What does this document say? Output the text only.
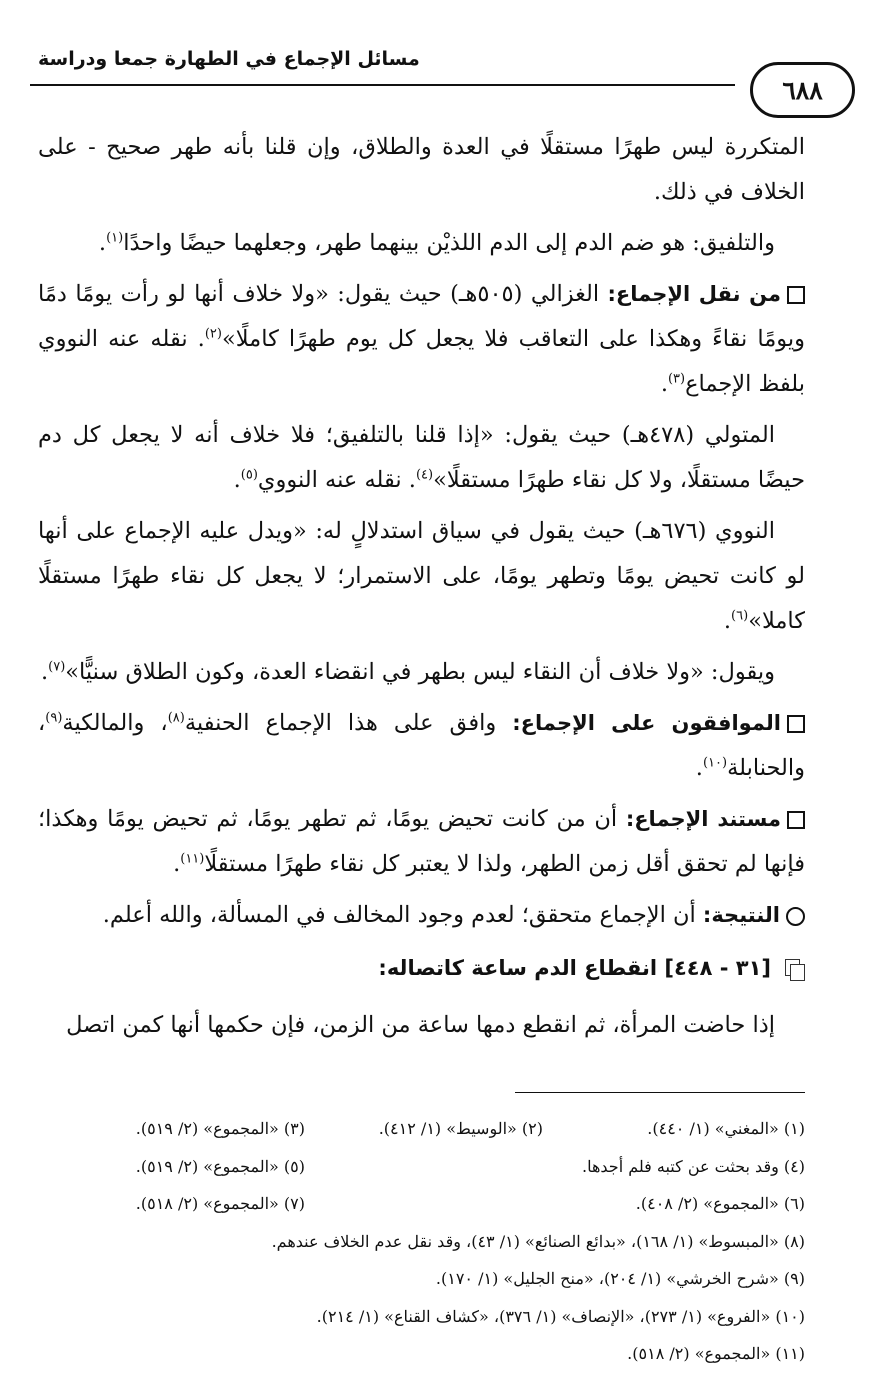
مسائل الإجماع في الطهارة جمعا ودراسة
٦٨٨

المتكررة ليس طهرًا مستقلًا في العدة والطلاق، وإن قلنا بأنه طهر صحيح - على الخلاف في ذلك.

والتلفيق: هو ضم الدم إلى الدم اللذيْن بينهما طهر، وجعلهما حيضًا واحدًا$^{(١)}$.

من نقل الإجماع: الغزالي (٥٠٥هـ) حيث يقول: «ولا خلاف أنها لو رأت يومًا دمًا ويومًا نقاءً وهكذا على التعاقب فلا يجعل كل يوم طهرًا كاملًا»$^{(٢)}$. نقله عنه النووي بلفظ الإجماع$^{(٣)}$.

المتولي (٤٧٨هـ) حيث يقول: «إذا قلنا بالتلفيق؛ فلا خلاف أنه لا يجعل كل دم حيضًا مستقلًا، ولا كل نقاء طهرًا مستقلًا»$^{(٤)}$. نقله عنه النووي$^{(٥)}$.

النووي (٦٧٦هـ) حيث يقول في سياق استدلالٍ له: «ويدل عليه الإجماع على أنها لو كانت تحيض يومًا وتطهر يومًا، على الاستمرار؛ لا يجعل كل نقاء طهرًا مستقلًا كاملا»$^{(٦)}$.

ويقول: «ولا خلاف أن النقاء ليس بطهر في انقضاء العدة، وكون الطلاق سنيًّا»$^{(٧)}$.

الموافقون على الإجماع: وافق على هذا الإجماع الحنفية$^{(٨)}$، والمالكية$^{(٩)}$، والحنابلة$^{(١٠)}$.

مستند الإجماع: أن من كانت تحيض يومًا، ثم تطهر يومًا، ثم تحيض يومًا وهكذا؛ فإنها لم تحقق أقل زمن الطهر، ولذا لا يعتبر كل نقاء طهرًا مستقلًا$^{(١١)}$.

النتيجة: أن الإجماع متحقق؛ لعدم وجود المخالف في المسألة، والله أعلم.

[٣١ - ٤٤٨] انقطاع الدم ساعة كاتصاله:

إذا حاضت المرأة، ثم انقطع دمها ساعة من الزمن، فإن حكمها أنها كمن اتصل

(١) «المغني» (١/ ٤٤٠).
(٢) «الوسيط» (١/ ٤١٢).
(٣) «المجموع» (٢/ ٥١٩).
(٤) وقد بحثت عن كتبه فلم أجدها.
(٥) «المجموع» (٢/ ٥١٩).
(٦) «المجموع» (٢/ ٤٠٨).
(٧) «المجموع» (٢/ ٥١٨).
(٨) «المبسوط» (١/ ١٦٨)، «بدائع الصنائع» (١/ ٤٣)، وقد نقل عدم الخلاف عندهم.
(٩) «شرح الخرشي» (١/ ٢٠٤)، «منح الجليل» (١/ ١٧٠).
(١٠) «الفروع» (١/ ٢٧٣)، «الإنصاف» (١/ ٣٧٦)، «كشاف القناع» (١/ ٢١٤).
(١١) «المجموع» (٢/ ٥١٨).
